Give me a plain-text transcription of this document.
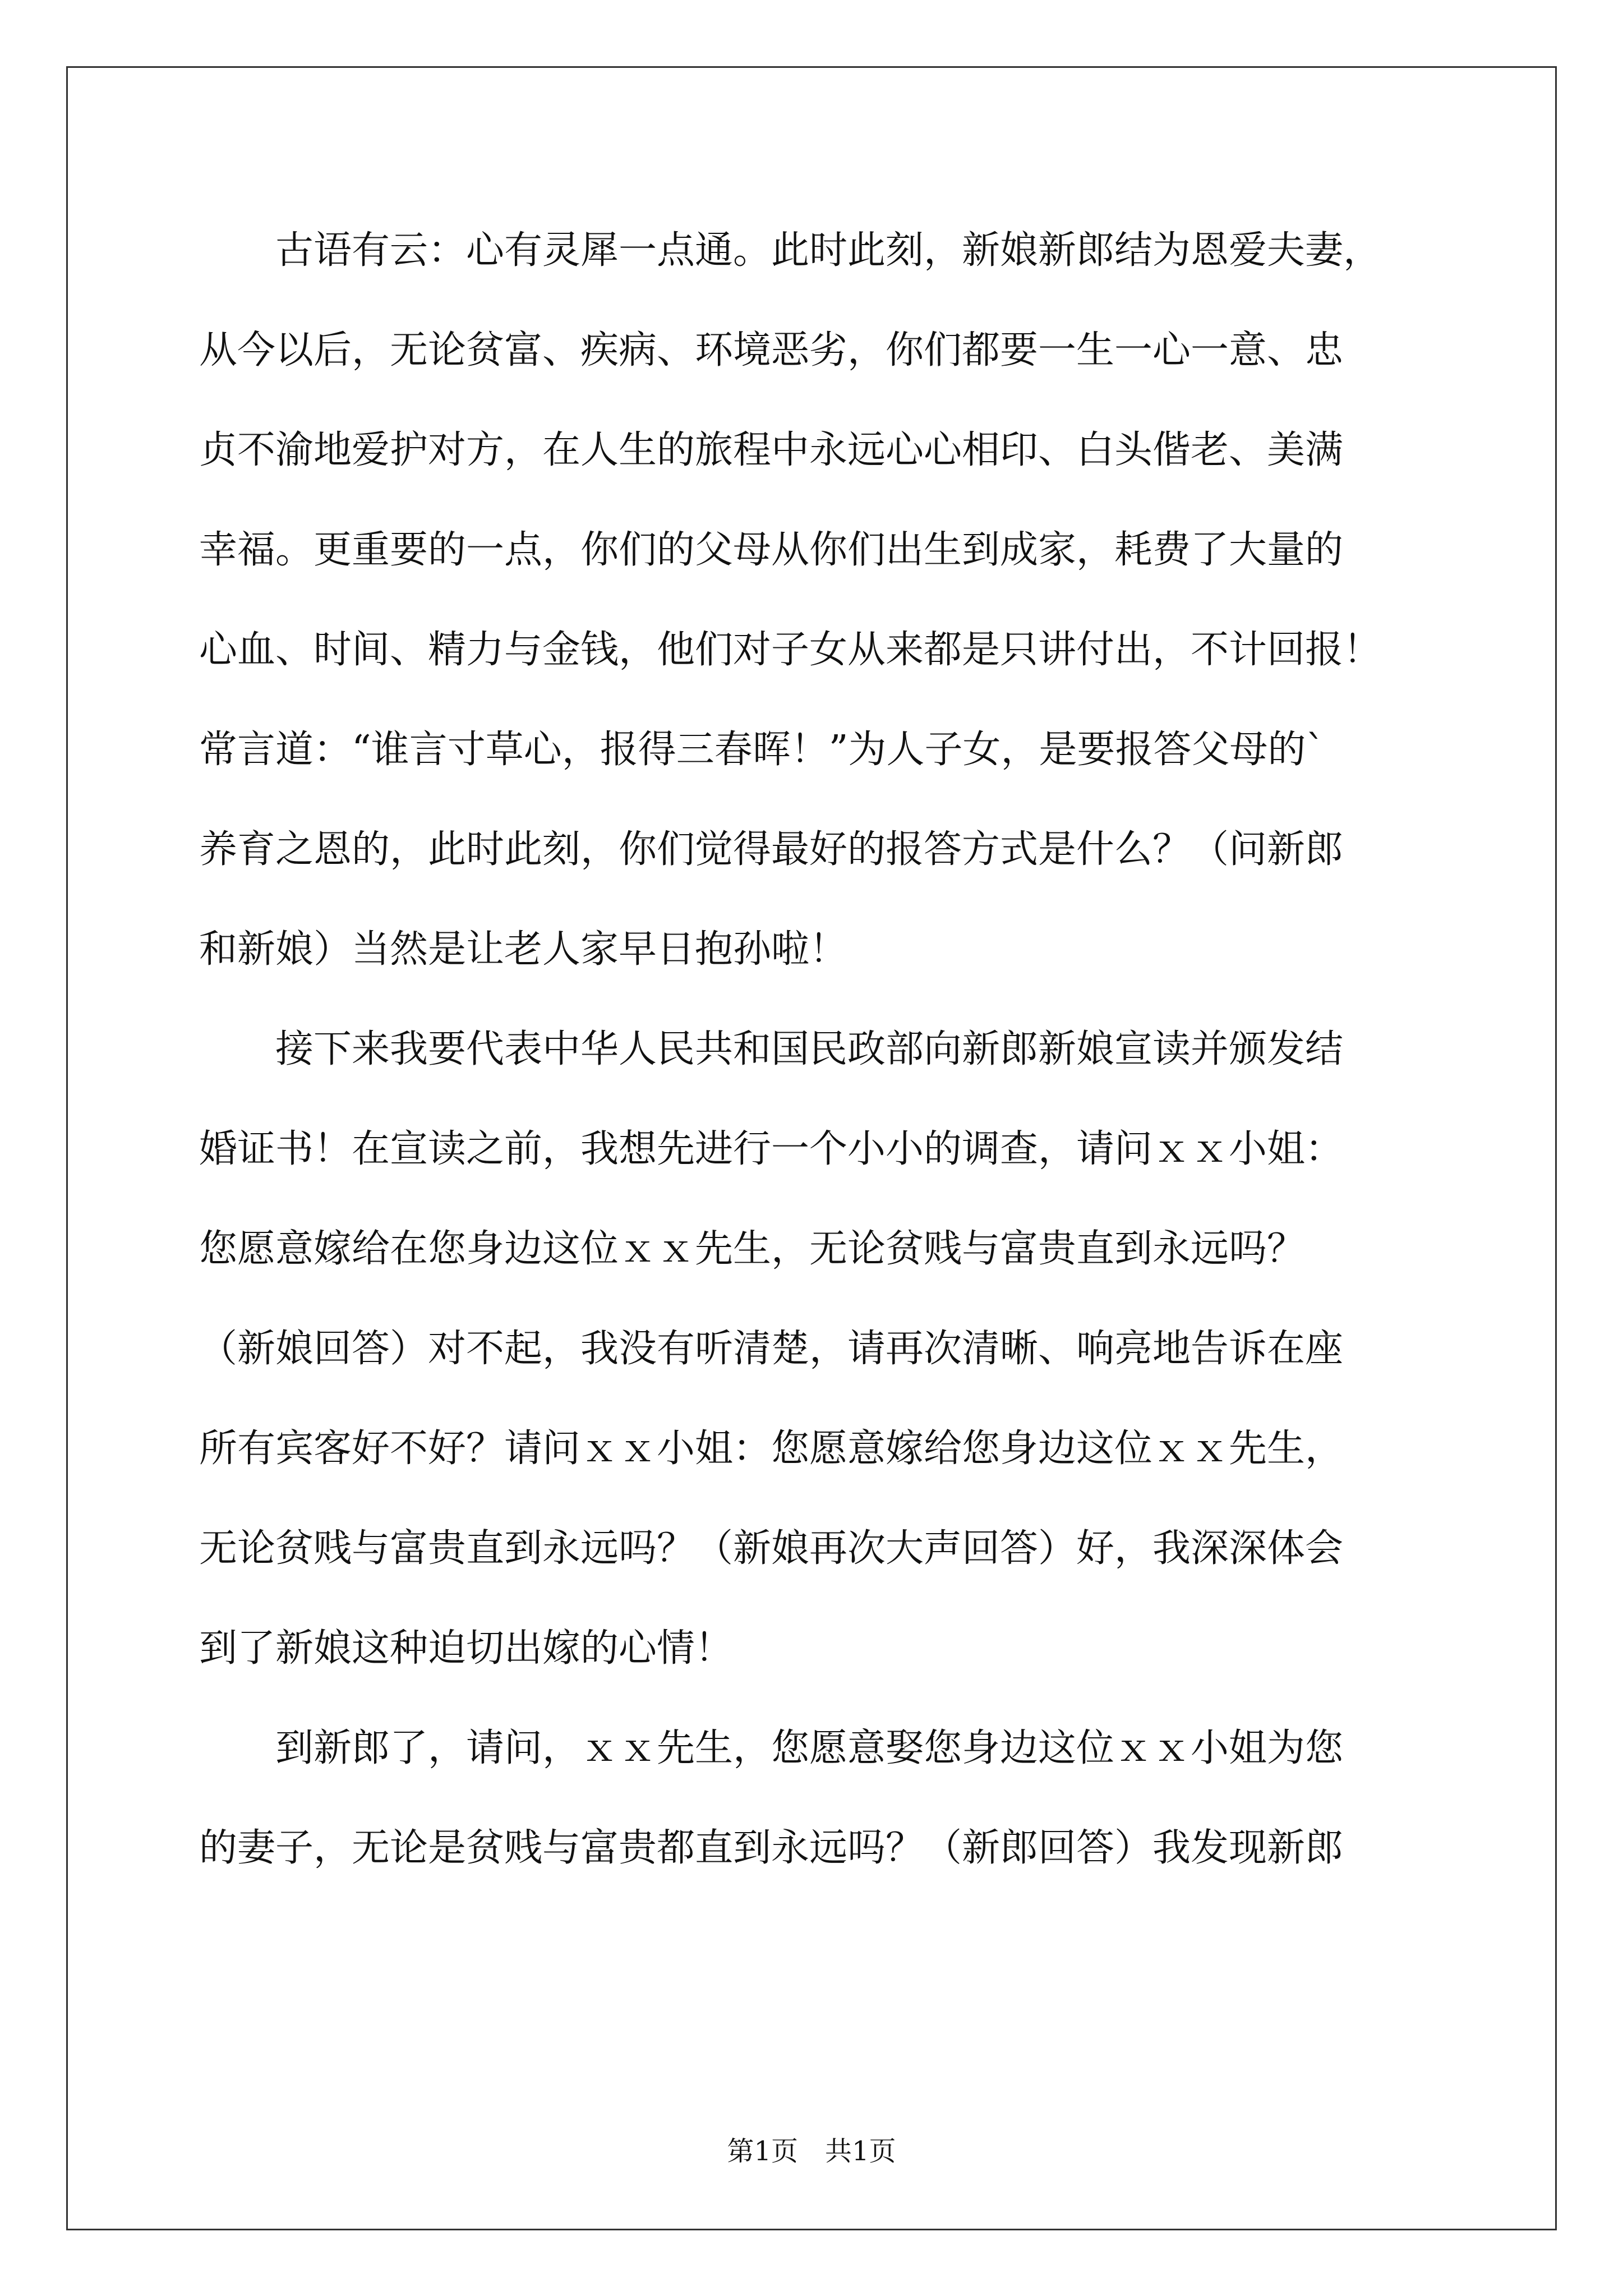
　　古语有云：心有灵犀一点通。此时此刻，新娘新郎结为恩爱夫妻，
从今以后，无论贫富、疾病、环境恶劣，你们都要一生一心一意、忠
贞不渝地爱护对方，在人生的旅程中永远心心相印、白头偕老、美满
幸福。更重要的一点，你们的父母从你们出生到成家，耗费了大量的
心血、时间、精力与金钱，他们对子女从来都是只讲付出，不计回报！
常言道：“谁言寸草心，报得三春晖！”为人子女，是要报答父母的`
养育之恩的，此时此刻，你们觉得最好的报答方式是什么？（问新郎
和新娘）当然是让老人家早日抱孙啦！
　　接下来我要代表中华人民共和国民政部向新郎新娘宣读并颁发结
婚证书！在宣读之前，我想先进行一个小小的调查，请问ｘｘ小姐：
您愿意嫁给在您身边这位ｘｘ先生，无论贫贱与富贵直到永远吗？
（新娘回答）对不起，我没有听清楚，请再次清晰、响亮地告诉在座
所有宾客好不好？请问ｘｘ小姐：您愿意嫁给您身边这位ｘｘ先生，
无论贫贱与富贵直到永远吗？（新娘再次大声回答）好，我深深体会
到了新娘这种迫切出嫁的心情！
　　到新郎了，请问，ｘｘ先生，您愿意娶您身边这位ｘｘ小姐为您
的妻子，无论是贫贱与富贵都直到永远吗？（新郎回答）我发现新郎
第1页　共1页
